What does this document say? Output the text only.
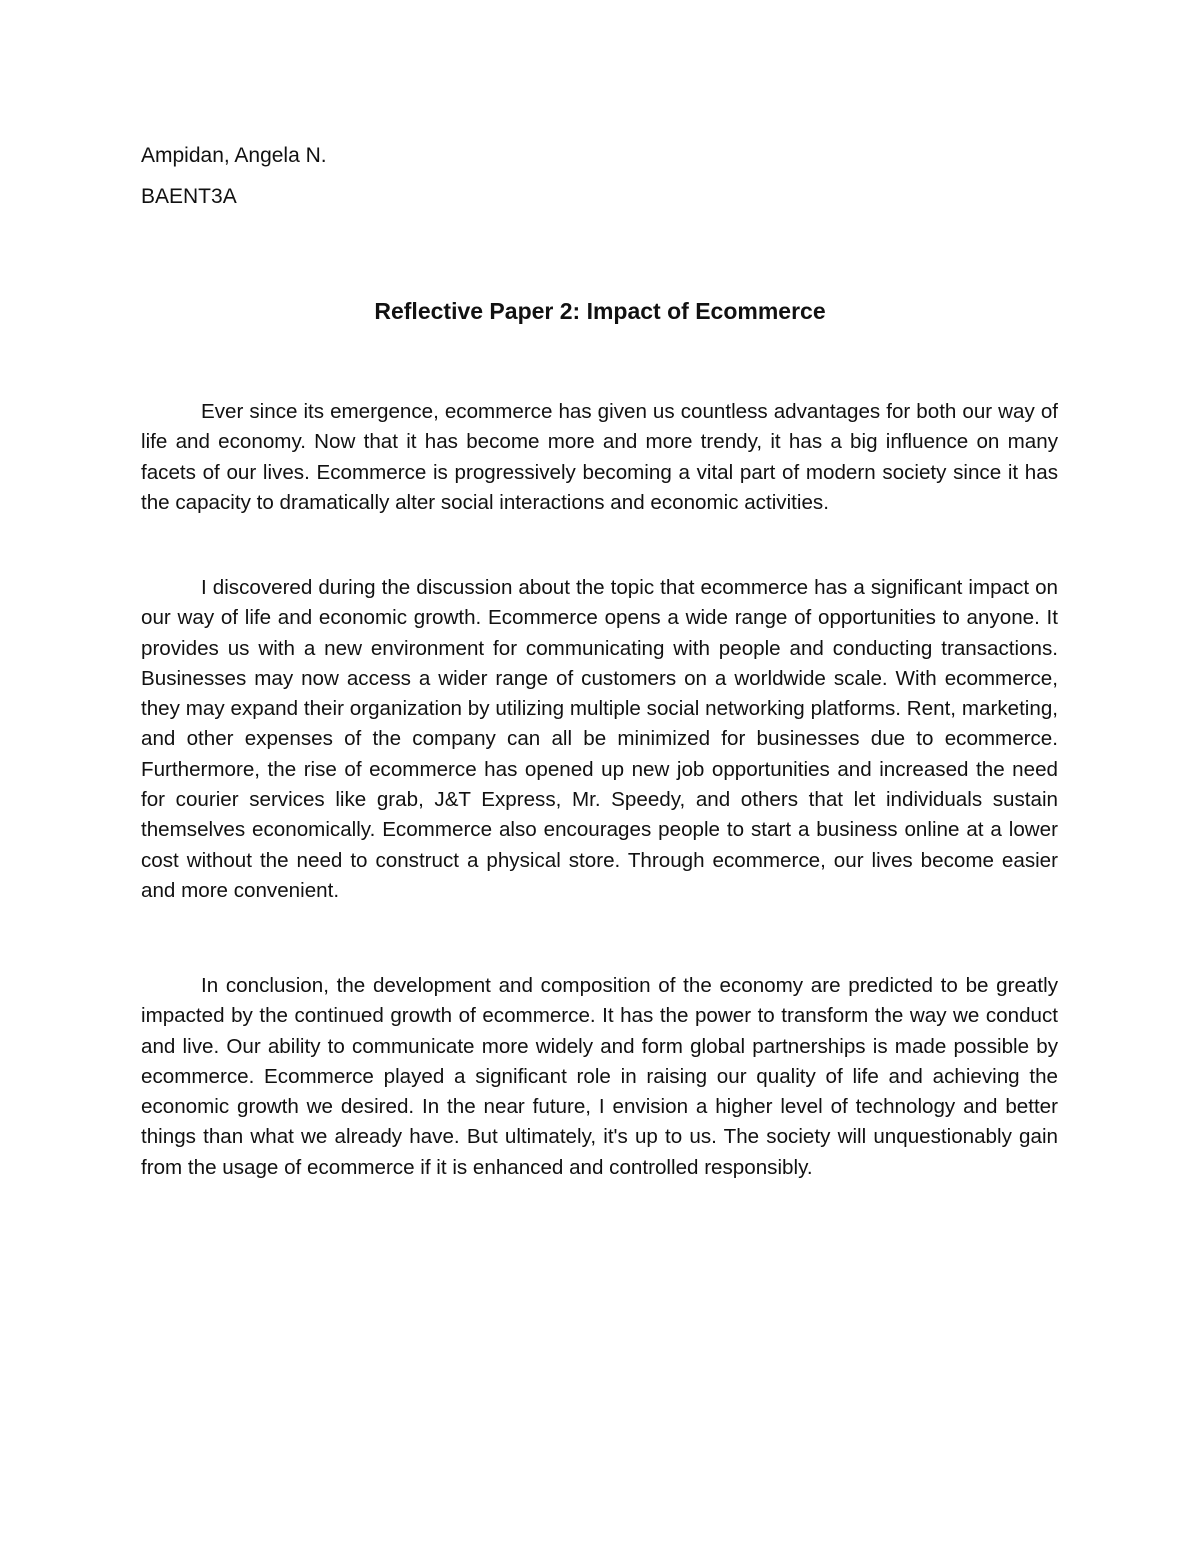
Ampidan, Angela N.

BAENT3A

Reflective Paper 2: Impact of Ecommerce

Ever since its emergence, ecommerce has given us countless advantages for both our way of life and economy. Now that it has become more and more trendy, it has a big influence on many facets of our lives. Ecommerce is progressively becoming a vital part of modern society since it has the capacity to dramatically alter social interactions and economic activities.

I discovered during the discussion about the topic that ecommerce has a significant impact on our way of life and economic growth. Ecommerce opens a wide range of opportunities to anyone. It provides us with a new environment for communicating with people and conducting transactions. Businesses may now access a wider range of customers on a worldwide scale. With ecommerce, they may expand their organization by utilizing multiple social networking platforms. Rent, marketing, and other expenses of the company can all be minimized for businesses due to ecommerce. Furthermore, the rise of ecommerce has opened up new job opportunities and increased the need for courier services like grab, J&T Express, Mr. Speedy, and others that let individuals sustain themselves economically. Ecommerce also encourages people to start a business online at a lower cost without the need to construct a physical store. Through ecommerce, our lives become easier and more convenient.

In conclusion, the development and composition of the economy are predicted to be greatly impacted by the continued growth of ecommerce. It has the power to transform the way we conduct and live. Our ability to communicate more widely and form global partnerships is made possible by ecommerce. Ecommerce played a significant role in raising our quality of life and achieving the economic growth we desired. In the near future, I envision a higher level of technology and better things than what we already have. But ultimately, it's up to us. The society will unquestionably gain from the usage of ecommerce if it is enhanced and controlled responsibly.
